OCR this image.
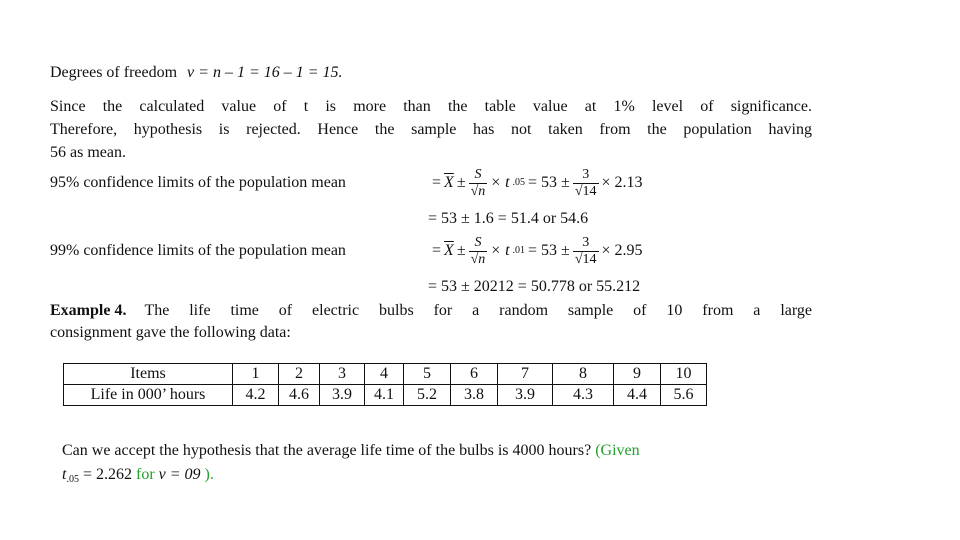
Degrees of freedom ν = n – 1 = 16 – 1 = 15.
Since the calculated value of t is more than the table value at 1% level of significance.
Therefore, hypothesis is rejected. Hence the sample has not taken from the population having
56 as mean.
95% confidence limits of the population mean	= $\overline{X} \pm \frac{S}{√n} \times t$ $.05 = 53 \pm \frac{3}{√14} \times 2.13$
= 53 ± 1.6 = 51.4 or 54.6
99% confidence limits of the population mean	= $\overline{X} \pm \frac{S}{√n} \times t$ $.01 = 53 \pm \frac{3}{√14} \times 2.95$
= 53 ± 20212 = 50.778 or 55.212
Example 4. The life time of electric bulbs for a random sample of 10 from a large
consignment gave the following data:
Items	1	2	3	4	5	6	7	8	9	10
Life in 000’ hours	4.2	4.6	3.9	4.1	5.2	3.8	3.9	4.3	4.4	5.6
Can we accept the hypothesis that the average life time of the bulbs is 4000 hours? (Given
$t_{.05} = 2.262$ for ν = 09 ).
